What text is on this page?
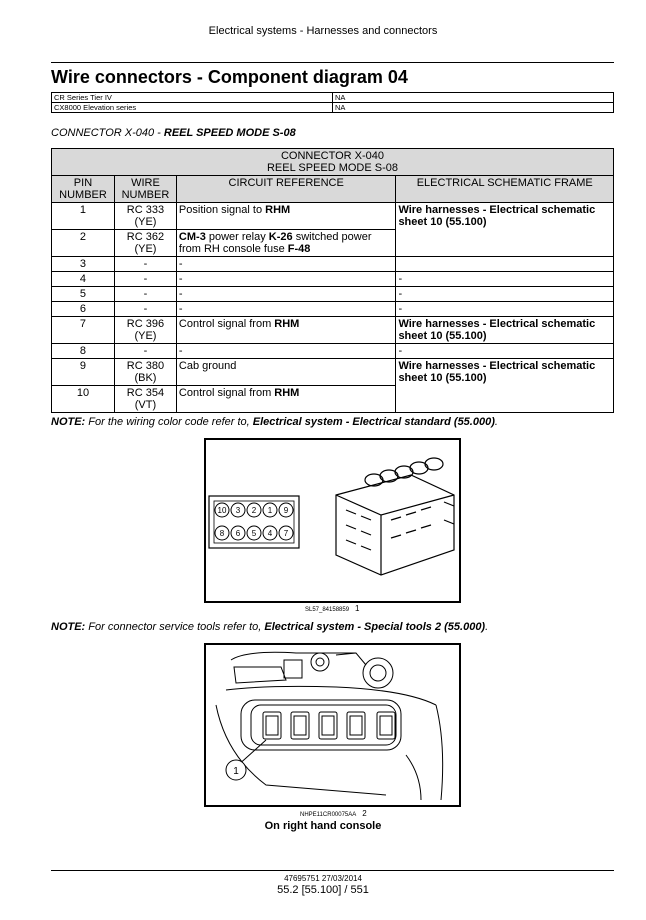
Electrical systems - Harnesses and connectors
Wire connectors - Component diagram 04
CR Series Tier IV	NA
CX8000 Elevation series	NA
CONNECTOR X-040 - REEL SPEED MODE S-08
CONNECTOR X-040
REEL SPEED MODE S-08			

PIN NUMBER	WIRE NUMBER	CIRCUIT REFERENCE	ELECTRICAL SCHEMATIC FRAME
1	RC 333 (YE)	Position signal to RHM	Wire harnesses - Electrical schematic sheet 10 (55.100)
2	RC 362 (YE)	CM-3 power relay K-26 switched power from RH console fuse F-48	
3	-	-	
4	-	-	-
5	-	-	-
6	-	-	-
7	RC 396 (YE)	Control signal from RHM	Wire harnesses - Electrical schematic sheet 10 (55.100)
8	-	-	-
9	RC 380 (BK)	Cab ground	Wire harnesses - Electrical schematic sheet 10 (55.100)
10	RC 354 (VT)	Control signal from RHM	
NOTE: For the wiring color code refer to, Electrical system - Electrical standard (55.000).
10 3 2 1 9
8 6 5 4 7
SL57_84158859 1
NOTE: For connector service tools refer to, Electrical system - Special tools 2 (55.000).
1
NHPE11CR00075AA 2
On right hand console
47695751 27/03/2014
55.2 [55.100] / 551
